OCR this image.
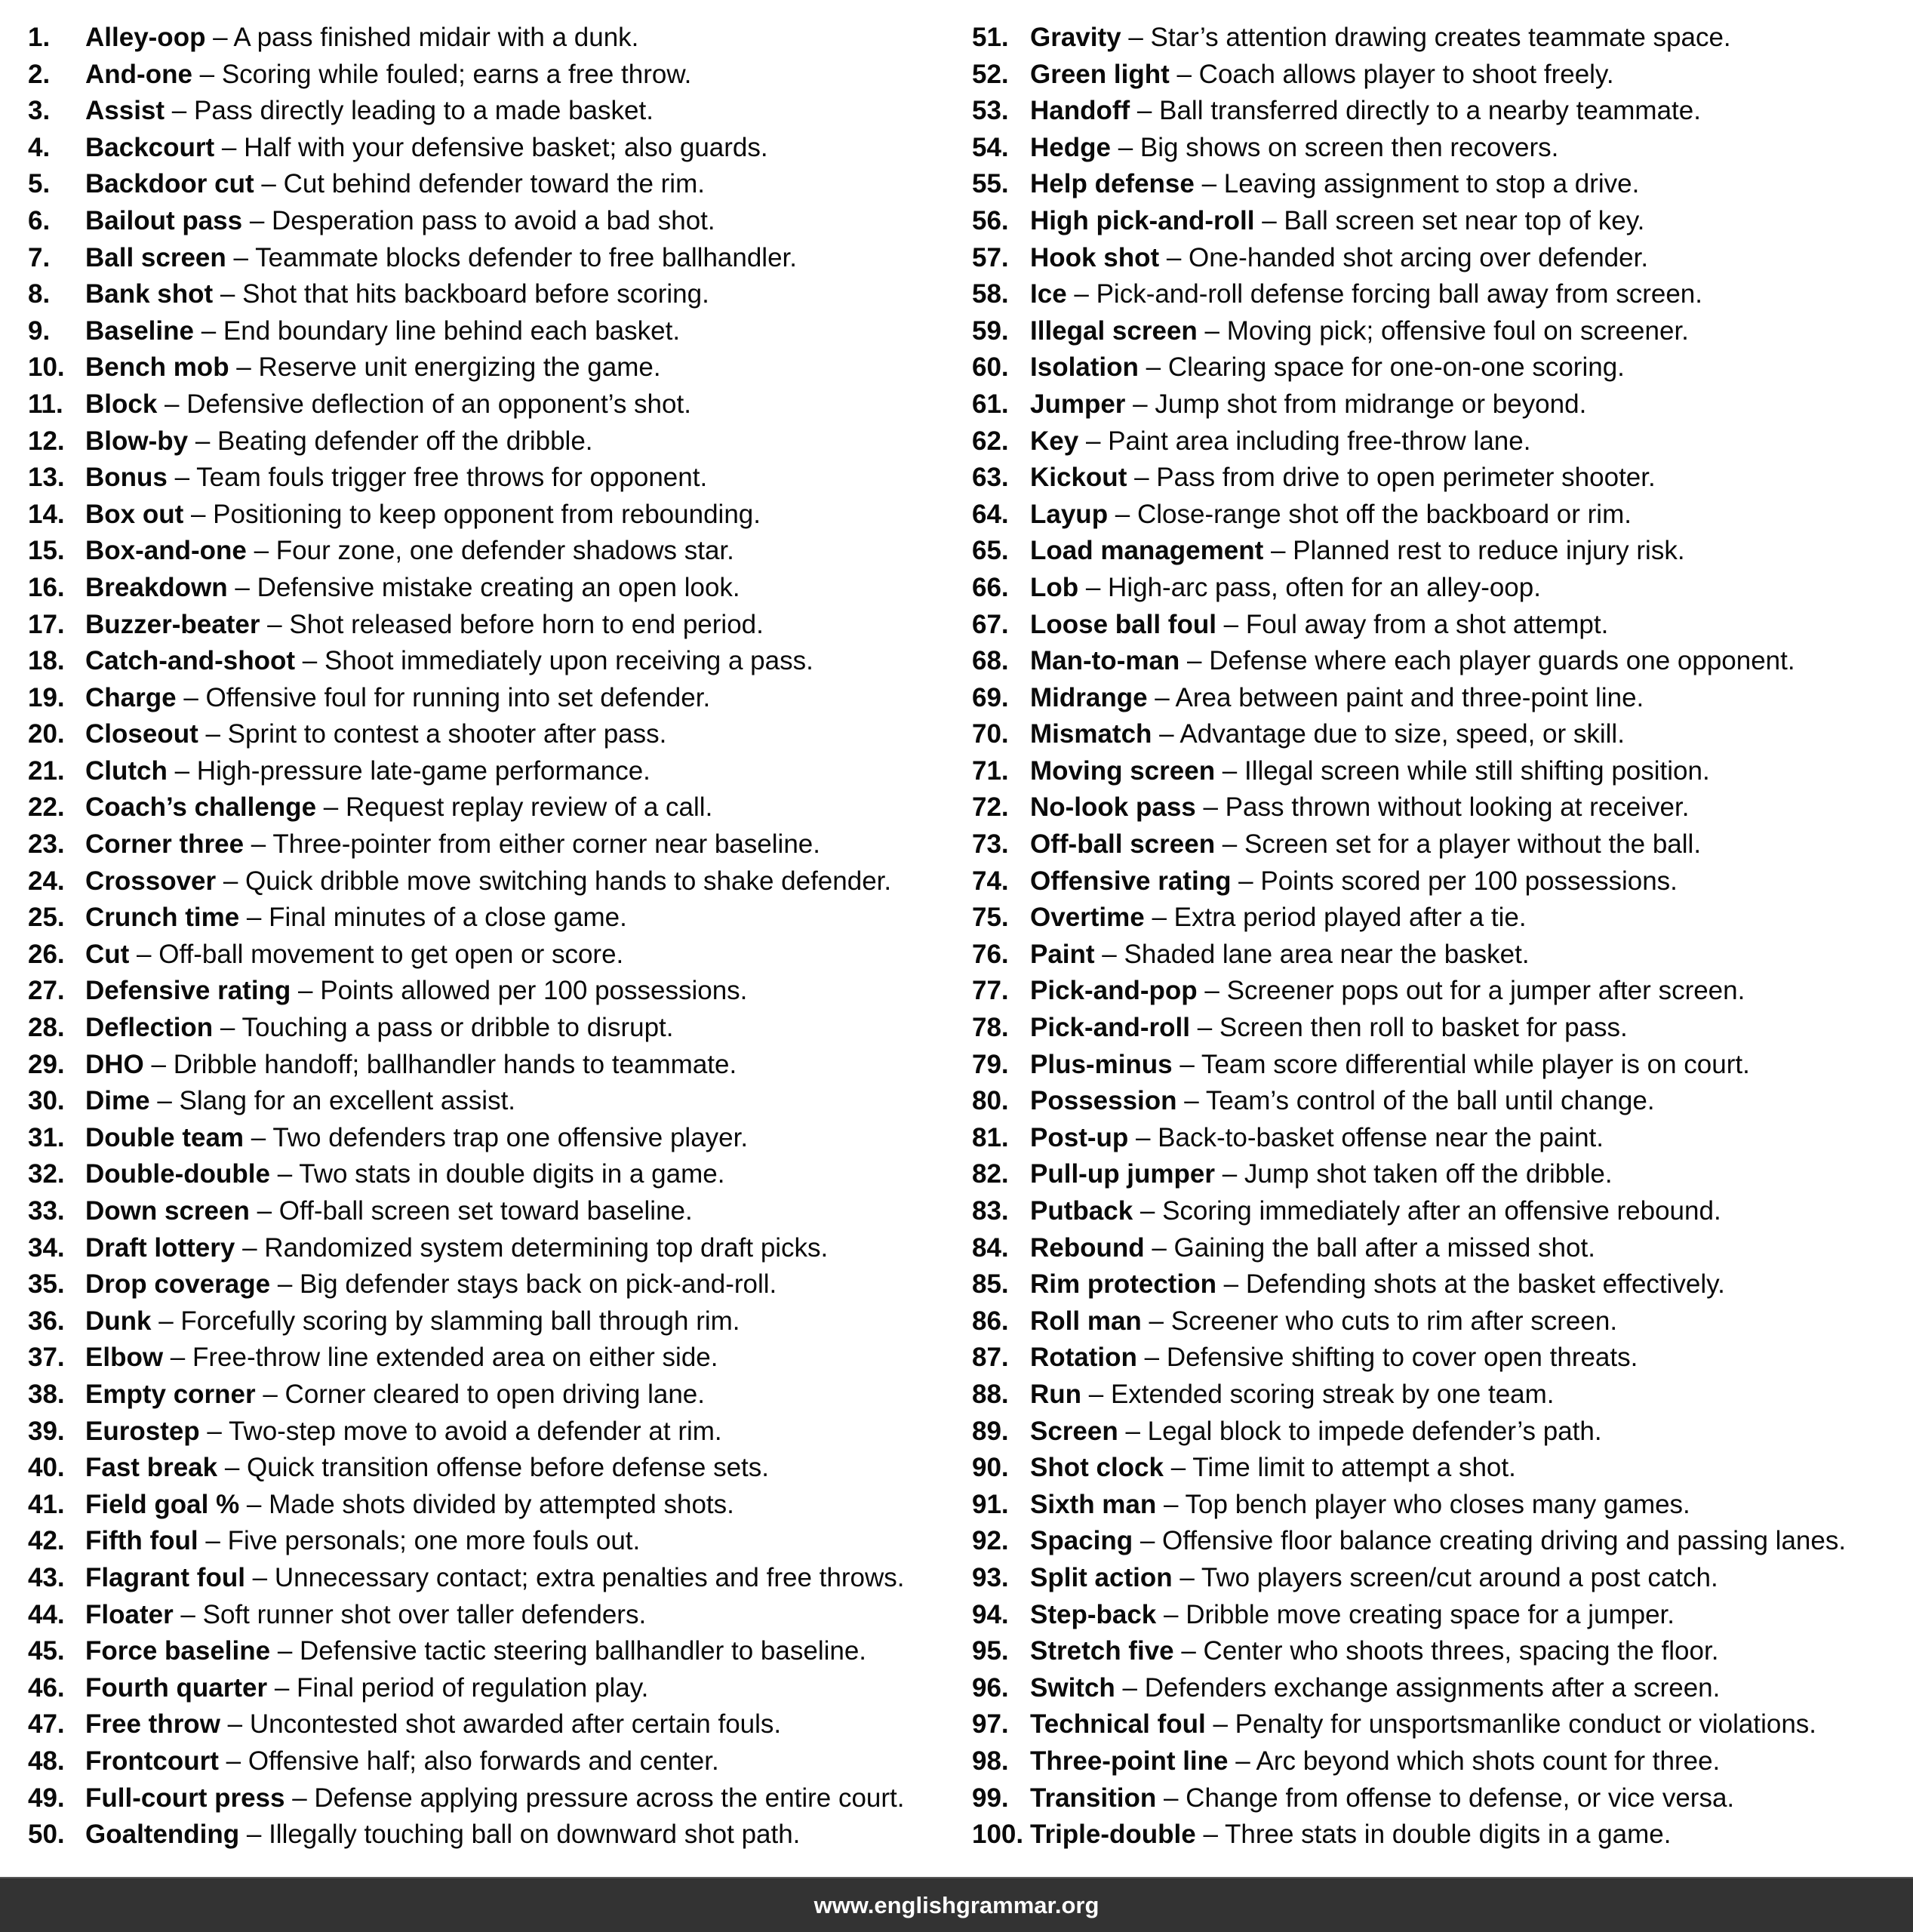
1. Alley-oop – A pass finished midair with a dunk.
2. And-one – Scoring while fouled; earns a free throw.
3. Assist – Pass directly leading to a made basket.
4. Backcourt – Half with your defensive basket; also guards.
5. Backdoor cut – Cut behind defender toward the rim.
6. Bailout pass – Desperation pass to avoid a bad shot.
7. Ball screen – Teammate blocks defender to free ballhandler.
8. Bank shot – Shot that hits backboard before scoring.
9. Baseline – End boundary line behind each basket.
10. Bench mob – Reserve unit energizing the game.
11. Block – Defensive deflection of an opponent’s shot.
12. Blow-by – Beating defender off the dribble.
13. Bonus – Team fouls trigger free throws for opponent.
14. Box out – Positioning to keep opponent from rebounding.
15. Box-and-one – Four zone, one defender shadows star.
16. Breakdown – Defensive mistake creating an open look.
17. Buzzer-beater – Shot released before horn to end period.
18. Catch-and-shoot – Shoot immediately upon receiving a pass.
19. Charge – Offensive foul for running into set defender.
20. Closeout – Sprint to contest a shooter after pass.
21. Clutch – High-pressure late-game performance.
22. Coach’s challenge – Request replay review of a call.
23. Corner three – Three-pointer from either corner near baseline.
24. Crossover – Quick dribble move switching hands to shake defender.
25. Crunch time – Final minutes of a close game.
26. Cut – Off-ball movement to get open or score.
27. Defensive rating – Points allowed per 100 possessions.
28. Deflection – Touching a pass or dribble to disrupt.
29. DHO – Dribble handoff; ballhandler hands to teammate.
30. Dime – Slang for an excellent assist.
31. Double team – Two defenders trap one offensive player.
32. Double-double – Two stats in double digits in a game.
33. Down screen – Off-ball screen set toward baseline.
34. Draft lottery – Randomized system determining top draft picks.
35. Drop coverage – Big defender stays back on pick-and-roll.
36. Dunk – Forcefully scoring by slamming ball through rim.
37. Elbow – Free-throw line extended area on either side.
38. Empty corner – Corner cleared to open driving lane.
39. Eurostep – Two-step move to avoid a defender at rim.
40. Fast break – Quick transition offense before defense sets.
41. Field goal % – Made shots divided by attempted shots.
42. Fifth foul – Five personals; one more fouls out.
43. Flagrant foul – Unnecessary contact; extra penalties and free throws.
44. Floater – Soft runner shot over taller defenders.
45. Force baseline – Defensive tactic steering ballhandler to baseline.
46. Fourth quarter – Final period of regulation play.
47. Free throw – Uncontested shot awarded after certain fouls.
48. Frontcourt – Offensive half; also forwards and center.
49. Full-court press – Defense applying pressure across the entire court.
50. Goaltending – Illegally touching ball on downward shot path.
51. Gravity – Star’s attention drawing creates teammate space.
52. Green light – Coach allows player to shoot freely.
53. Handoff – Ball transferred directly to a nearby teammate.
54. Hedge – Big shows on screen then recovers.
55. Help defense – Leaving assignment to stop a drive.
56. High pick-and-roll – Ball screen set near top of key.
57. Hook shot – One-handed shot arcing over defender.
58. Ice – Pick-and-roll defense forcing ball away from screen.
59. Illegal screen – Moving pick; offensive foul on screener.
60. Isolation – Clearing space for one-on-one scoring.
61. Jumper – Jump shot from midrange or beyond.
62. Key – Paint area including free-throw lane.
63. Kickout – Pass from drive to open perimeter shooter.
64. Layup – Close-range shot off the backboard or rim.
65. Load management – Planned rest to reduce injury risk.
66. Lob – High-arc pass, often for an alley-oop.
67. Loose ball foul – Foul away from a shot attempt.
68. Man-to-man – Defense where each player guards one opponent.
69. Midrange – Area between paint and three-point line.
70. Mismatch – Advantage due to size, speed, or skill.
71. Moving screen – Illegal screen while still shifting position.
72. No-look pass – Pass thrown without looking at receiver.
73. Off-ball screen – Screen set for a player without the ball.
74. Offensive rating – Points scored per 100 possessions.
75. Overtime – Extra period played after a tie.
76. Paint – Shaded lane area near the basket.
77. Pick-and-pop – Screener pops out for a jumper after screen.
78. Pick-and-roll – Screen then roll to basket for pass.
79. Plus-minus – Team score differential while player is on court.
80. Possession – Team’s control of the ball until change.
81. Post-up – Back-to-basket offense near the paint.
82. Pull-up jumper – Jump shot taken off the dribble.
83. Putback – Scoring immediately after an offensive rebound.
84. Rebound – Gaining the ball after a missed shot.
85. Rim protection – Defending shots at the basket effectively.
86. Roll man – Screener who cuts to rim after screen.
87. Rotation – Defensive shifting to cover open threats.
88. Run – Extended scoring streak by one team.
89. Screen – Legal block to impede defender’s path.
90. Shot clock – Time limit to attempt a shot.
91. Sixth man – Top bench player who closes many games.
92. Spacing – Offensive floor balance creating driving and passing lanes.
93. Split action – Two players screen/cut around a post catch.
94. Step-back – Dribble move creating space for a jumper.
95. Stretch five – Center who shoots threes, spacing the floor.
96. Switch – Defenders exchange assignments after a screen.
97. Technical foul – Penalty for unsportsmanlike conduct or violations.
98. Three-point line – Arc beyond which shots count for three.
99. Transition – Change from offense to defense, or vice versa.
100. Triple-double – Three stats in double digits in a game.
www.englishgrammar.org
